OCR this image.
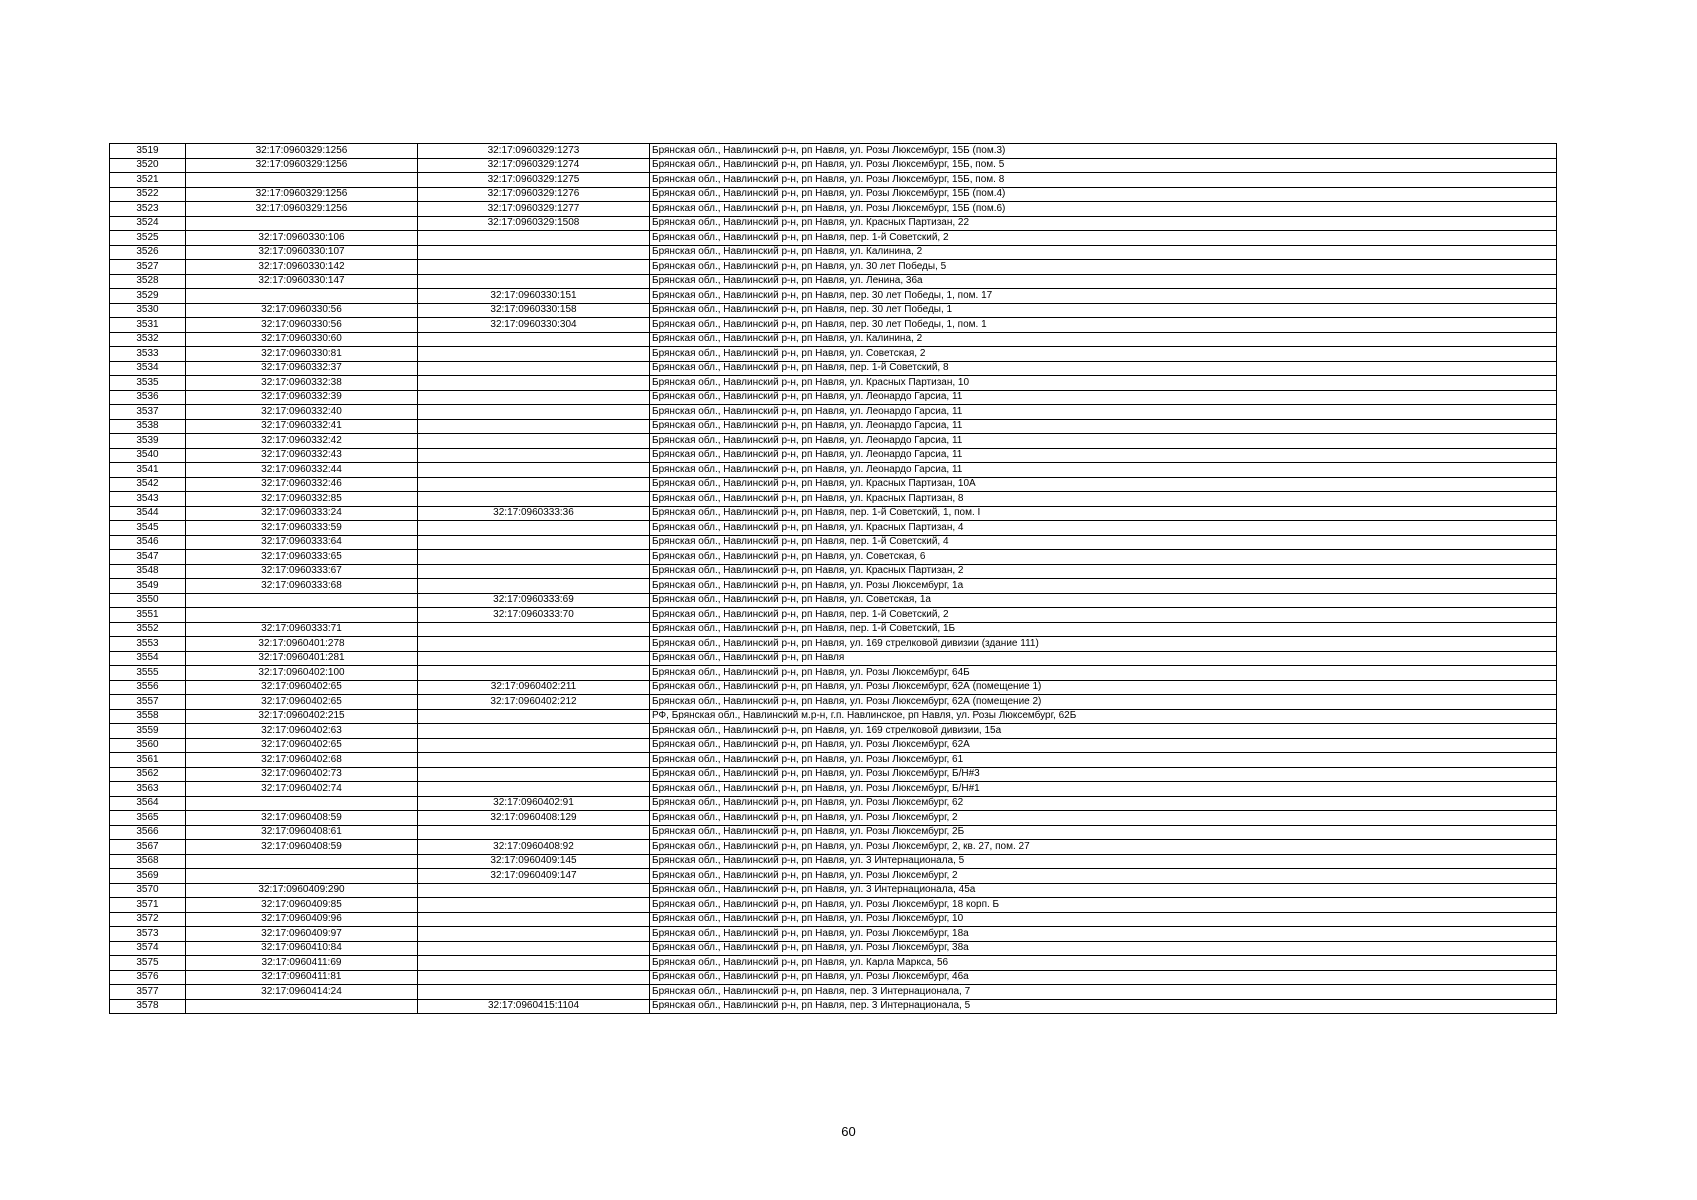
3519	32:17:0960329:1256	32:17:0960329:1273	Брянская обл., Навлинский р-н, рп Навля, ул. Розы Люксембург, 15Б (пом.3)
3520	32:17:0960329:1256	32:17:0960329:1274	Брянская обл., Навлинский р-н, рп Навля, ул. Розы Люксембург, 15Б, пом. 5
3521		32:17:0960329:1275	Брянская обл., Навлинский р-н, рп Навля, ул. Розы Люксембург, 15Б, пом. 8
3522	32:17:0960329:1256	32:17:0960329:1276	Брянская обл., Навлинский р-н, рп Навля, ул. Розы Люксембург, 15Б (пом.4)
3523	32:17:0960329:1256	32:17:0960329:1277	Брянская обл., Навлинский р-н, рп Навля, ул. Розы Люксембург, 15Б (пом.6)
3524		32:17:0960329:1508	Брянская обл., Навлинский р-н, рп Навля, ул. Красных Партизан, 22
3525	32:17:0960330:106		Брянская обл., Навлинский р-н, рп Навля, пер. 1-й Советский, 2
3526	32:17:0960330:107		Брянская обл., Навлинский р-н, рп Навля, ул. Калинина, 2
3527	32:17:0960330:142		Брянская обл., Навлинский р-н, рп Навля, ул. 30 лет Победы, 5
3528	32:17:0960330:147		Брянская обл., Навлинский р-н, рп Навля, ул. Ленина, 36а
3529		32:17:0960330:151	Брянская обл., Навлинский р-н, рп Навля, пер. 30 лет Победы, 1, пом. 17
3530	32:17:0960330:56	32:17:0960330:158	Брянская обл., Навлинский р-н, рп Навля, пер. 30 лет Победы, 1
3531	32:17:0960330:56	32:17:0960330:304	Брянская обл., Навлинский р-н, рп Навля, пер. 30 лет Победы, 1, пом. 1
3532	32:17:0960330:60		Брянская обл., Навлинский р-н, рп Навля, ул. Калинина, 2
3533	32:17:0960330:81		Брянская обл., Навлинский р-н, рп Навля, ул. Советская, 2
3534	32:17:0960332:37		Брянская обл., Навлинский р-н, рп Навля, пер. 1-й Советский, 8
3535	32:17:0960332:38		Брянская обл., Навлинский р-н, рп Навля, ул. Красных Партизан, 10
3536	32:17:0960332:39		Брянская обл., Навлинский р-н, рп Навля, ул. Леонардо Гарсиа, 11
3537	32:17:0960332:40		Брянская обл., Навлинский р-н, рп Навля, ул. Леонардо Гарсиа, 11
3538	32:17:0960332:41		Брянская обл., Навлинский р-н, рп Навля, ул. Леонардо Гарсиа, 11
3539	32:17:0960332:42		Брянская обл., Навлинский р-н, рп Навля, ул. Леонардо Гарсиа, 11
3540	32:17:0960332:43		Брянская обл., Навлинский р-н, рп Навля, ул. Леонардо Гарсиа, 11
3541	32:17:0960332:44		Брянская обл., Навлинский р-н, рп Навля, ул. Леонардо Гарсиа, 11
3542	32:17:0960332:46		Брянская обл., Навлинский р-н, рп Навля, ул. Красных Партизан, 10А
3543	32:17:0960332:85		Брянская обл., Навлинский р-н, рп Навля, ул. Красных Партизан, 8
3544	32:17:0960333:24	32:17:0960333:36	Брянская обл., Навлинский р-н, рп Навля, пер. 1-й Советский, 1, пом. I
3545	32:17:0960333:59		Брянская обл., Навлинский р-н, рп Навля, ул. Красных Партизан, 4
3546	32:17:0960333:64		Брянская обл., Навлинский р-н, рп Навля, пер. 1-й Советский, 4
3547	32:17:0960333:65		Брянская обл., Навлинский р-н, рп Навля, ул. Советская, 6
3548	32:17:0960333:67		Брянская обл., Навлинский р-н, рп Навля, ул. Красных Партизан, 2
3549	32:17:0960333:68		Брянская обл., Навлинский р-н, рп Навля, ул. Розы Люксембург, 1а
3550		32:17:0960333:69	Брянская обл., Навлинский р-н, рп Навля, ул. Советская, 1а
3551		32:17:0960333:70	Брянская обл., Навлинский р-н, рп Навля, пер. 1-й Советский, 2
3552	32:17:0960333:71		Брянская обл., Навлинский р-н, рп Навля, пер. 1-й Советский, 1Б
3553	32:17:0960401:278		Брянская обл., Навлинский р-н, рп Навля, ул. 169 стрелковой дивизии (здание 111)
3554	32:17:0960401:281		Брянская обл., Навлинский р-н, рп Навля
3555	32:17:0960402:100		Брянская обл., Навлинский р-н, рп Навля, ул. Розы Люксембург, 64Б
3556	32:17:0960402:65	32:17:0960402:211	Брянская обл., Навлинский р-н, рп Навля, ул. Розы Люксембург, 62А (помещение 1)
3557	32:17:0960402:65	32:17:0960402:212	Брянская обл., Навлинский р-н, рп Навля, ул. Розы Люксембург, 62А (помещение 2)
3558	32:17:0960402:215		РФ, Брянская обл., Навлинский м.р-н, г.п. Навлинское, рп Навля, ул. Розы Люксембург, 62Б
3559	32:17:0960402:63		Брянская обл., Навлинский р-н, рп Навля, ул. 169 стрелковой дивизии, 15а
3560	32:17:0960402:65		Брянская обл., Навлинский р-н, рп Навля, ул. Розы Люксембург, 62А
3561	32:17:0960402:68		Брянская обл., Навлинский р-н, рп Навля, ул. Розы Люксембург, 61
3562	32:17:0960402:73		Брянская обл., Навлинский р-н, рп Навля, ул. Розы Люксембург, Б/Н#3
3563	32:17:0960402:74		Брянская обл., Навлинский р-н, рп Навля, ул. Розы Люксембург, Б/Н#1
3564		32:17:0960402:91	Брянская обл., Навлинский р-н, рп Навля, ул. Розы Люксембург, 62
3565	32:17:0960408:59	32:17:0960408:129	Брянская обл., Навлинский р-н, рп Навля, ул. Розы Люксембург, 2
3566	32:17:0960408:61		Брянская обл., Навлинский р-н, рп Навля, ул. Розы Люксембург, 2Б
3567	32:17:0960408:59	32:17:0960408:92	Брянская обл., Навлинский р-н, рп Навля, ул. Розы Люксембург, 2, кв. 27, пом. 27
3568		32:17:0960409:145	Брянская обл., Навлинский р-н, рп Навля, ул. 3 Интернационала, 5
3569		32:17:0960409:147	Брянская обл., Навлинский р-н, рп Навля, ул. Розы Люксембург, 2
3570	32:17:0960409:290		Брянская обл., Навлинский р-н, рп Навля, ул. 3 Интернационала, 45а
3571	32:17:0960409:85		Брянская обл., Навлинский р-н, рп Навля, ул. Розы Люксембург, 18 корп. Б
3572	32:17:0960409:96		Брянская обл., Навлинский р-н, рп Навля, ул. Розы Люксембург, 10
3573	32:17:0960409:97		Брянская обл., Навлинский р-н, рп Навля, ул. Розы Люксембург, 18а
3574	32:17:0960410:84		Брянская обл., Навлинский р-н, рп Навля, ул. Розы Люксембург, 38а
3575	32:17:0960411:69		Брянская обл., Навлинский р-н, рп Навля, ул. Карла Маркса, 56
3576	32:17:0960411:81		Брянская обл., Навлинский р-н, рп Навля, ул. Розы Люксембург, 46а
3577	32:17:0960414:24		Брянская обл., Навлинский р-н, рп Навля, пер. 3 Интернационала, 7
3578		32:17:0960415:1104	Брянская обл., Навлинский р-н, рп Навля, пер. 3 Интернационала, 5
60
